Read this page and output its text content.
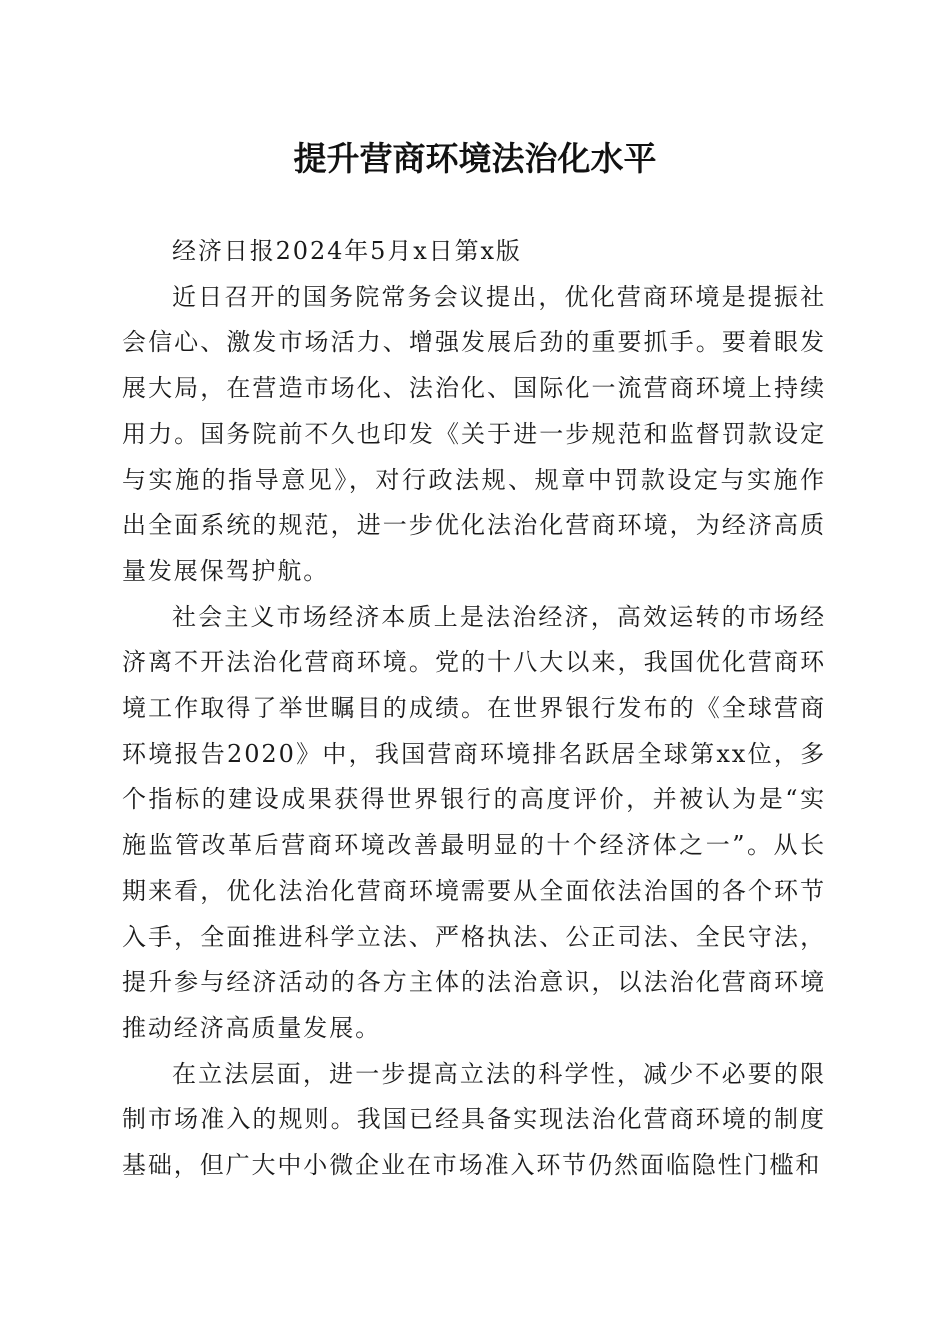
提升营商环境法治化水平

经济日报2024年5月x日第x版

近日召开的国务院常务会议提出，优化营商环境是提振社会信心、激发市场活力、增强发展后劲的重要抓手。要着眼发展大局，在营造市场化、法治化、国际化一流营商环境上持续用力。国务院前不久也印发《关于进一步规范和监督罚款设定与实施的指导意见》，对行政法规、规章中罚款设定与实施作出全面系统的规范，进一步优化法治化营商环境，为经济高质量发展保驾护航。

社会主义市场经济本质上是法治经济，高效运转的市场经济离不开法治化营商环境。党的十八大以来，我国优化营商环境工作取得了举世瞩目的成绩。在世界银行发布的《全球营商环境报告2020》中，我国营商环境排名跃居全球第xx位，多个指标的建设成果获得世界银行的高度评价，并被认为是“实施监管改革后营商环境改善最明显的十个经济体之一”。从长期来看，优化法治化营商环境需要从全面依法治国的各个环节入手，全面推进科学立法、严格执法、公正司法、全民守法，提升参与经济活动的各方主体的法治意识，以法治化营商环境推动经济高质量发展。

在立法层面，进一步提高立法的科学性，减少不必要的限制市场准入的规则。我国已经具备实现法治化营商环境的制度基础，但广大中小微企业在市场准入环节仍然面临隐性门槛和
